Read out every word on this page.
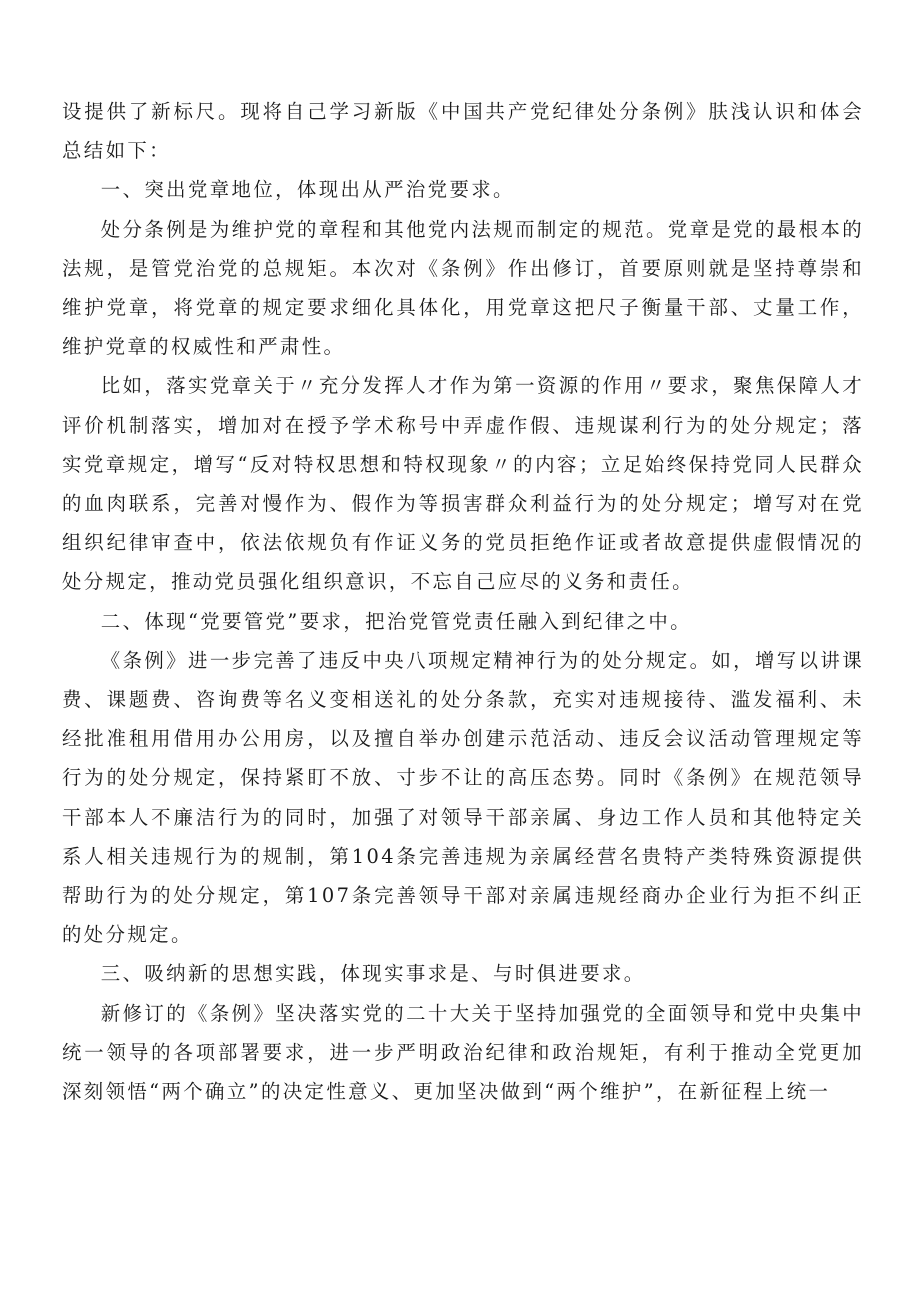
设提供了新标尺。现将自己学习新版《中国共产党纪律处分条例》肤浅认识和体会总结如下：

一、突出党章地位，体现出从严治党要求。

处分条例是为维护党的章程和其他党内法规而制定的规范。党章是党的最根本的法规，是管党治党的总规矩。本次对《条例》作出修订，首要原则就是坚持尊崇和维护党章，将党章的规定要求细化具体化，用党章这把尺子衡量干部、丈量工作，维护党章的权威性和严肃性。

比如，落实党章关于〃充分发挥人才作为第一资源的作用〃要求，聚焦保障人才评价机制落实，增加对在授予学术称号中弄虚作假、违规谋利行为的处分规定；落实党章规定，增写“反对特权思想和特权现象〃的内容；立足始终保持党同人民群众的血肉联系，完善对慢作为、假作为等损害群众利益行为的处分规定；增写对在党组织纪律审查中，依法依规负有作证义务的党员拒绝作证或者故意提供虚假情况的处分规定，推动党员强化组织意识，不忘自己应尽的义务和责任。

二、体现“党要管党”要求，把治党管党责任融入到纪律之中。

《条例》进一步完善了违反中央八项规定精神行为的处分规定。如，增写以讲课费、课题费、咨询费等名义变相送礼的处分条款，充实对违规接待、滥发福利、未经批准租用借用办公用房，以及擅自举办创建示范活动、违反会议活动管理规定等行为的处分规定，保持紧盯不放、寸步不让的高压态势。同时《条例》在规范领导干部本人不廉洁行为的同时，加强了对领导干部亲属、身边工作人员和其他特定关系人相关违规行为的规制，第104条完善违规为亲属经营名贵特产类特殊资源提供帮助行为的处分规定，第107条完善领导干部对亲属违规经商办企业行为拒不纠正的处分规定。

三、吸纳新的思想实践，体现实事求是、与时俱进要求。

新修订的《条例》坚决落实党的二十大关于坚持加强党的全面领导和党中央集中统一领导的各项部署要求，进一步严明政治纪律和政治规矩，有利于推动全党更加深刻领悟“两个确立”的决定性意义、更加坚决做到“两个维护”，在新征程上统一
